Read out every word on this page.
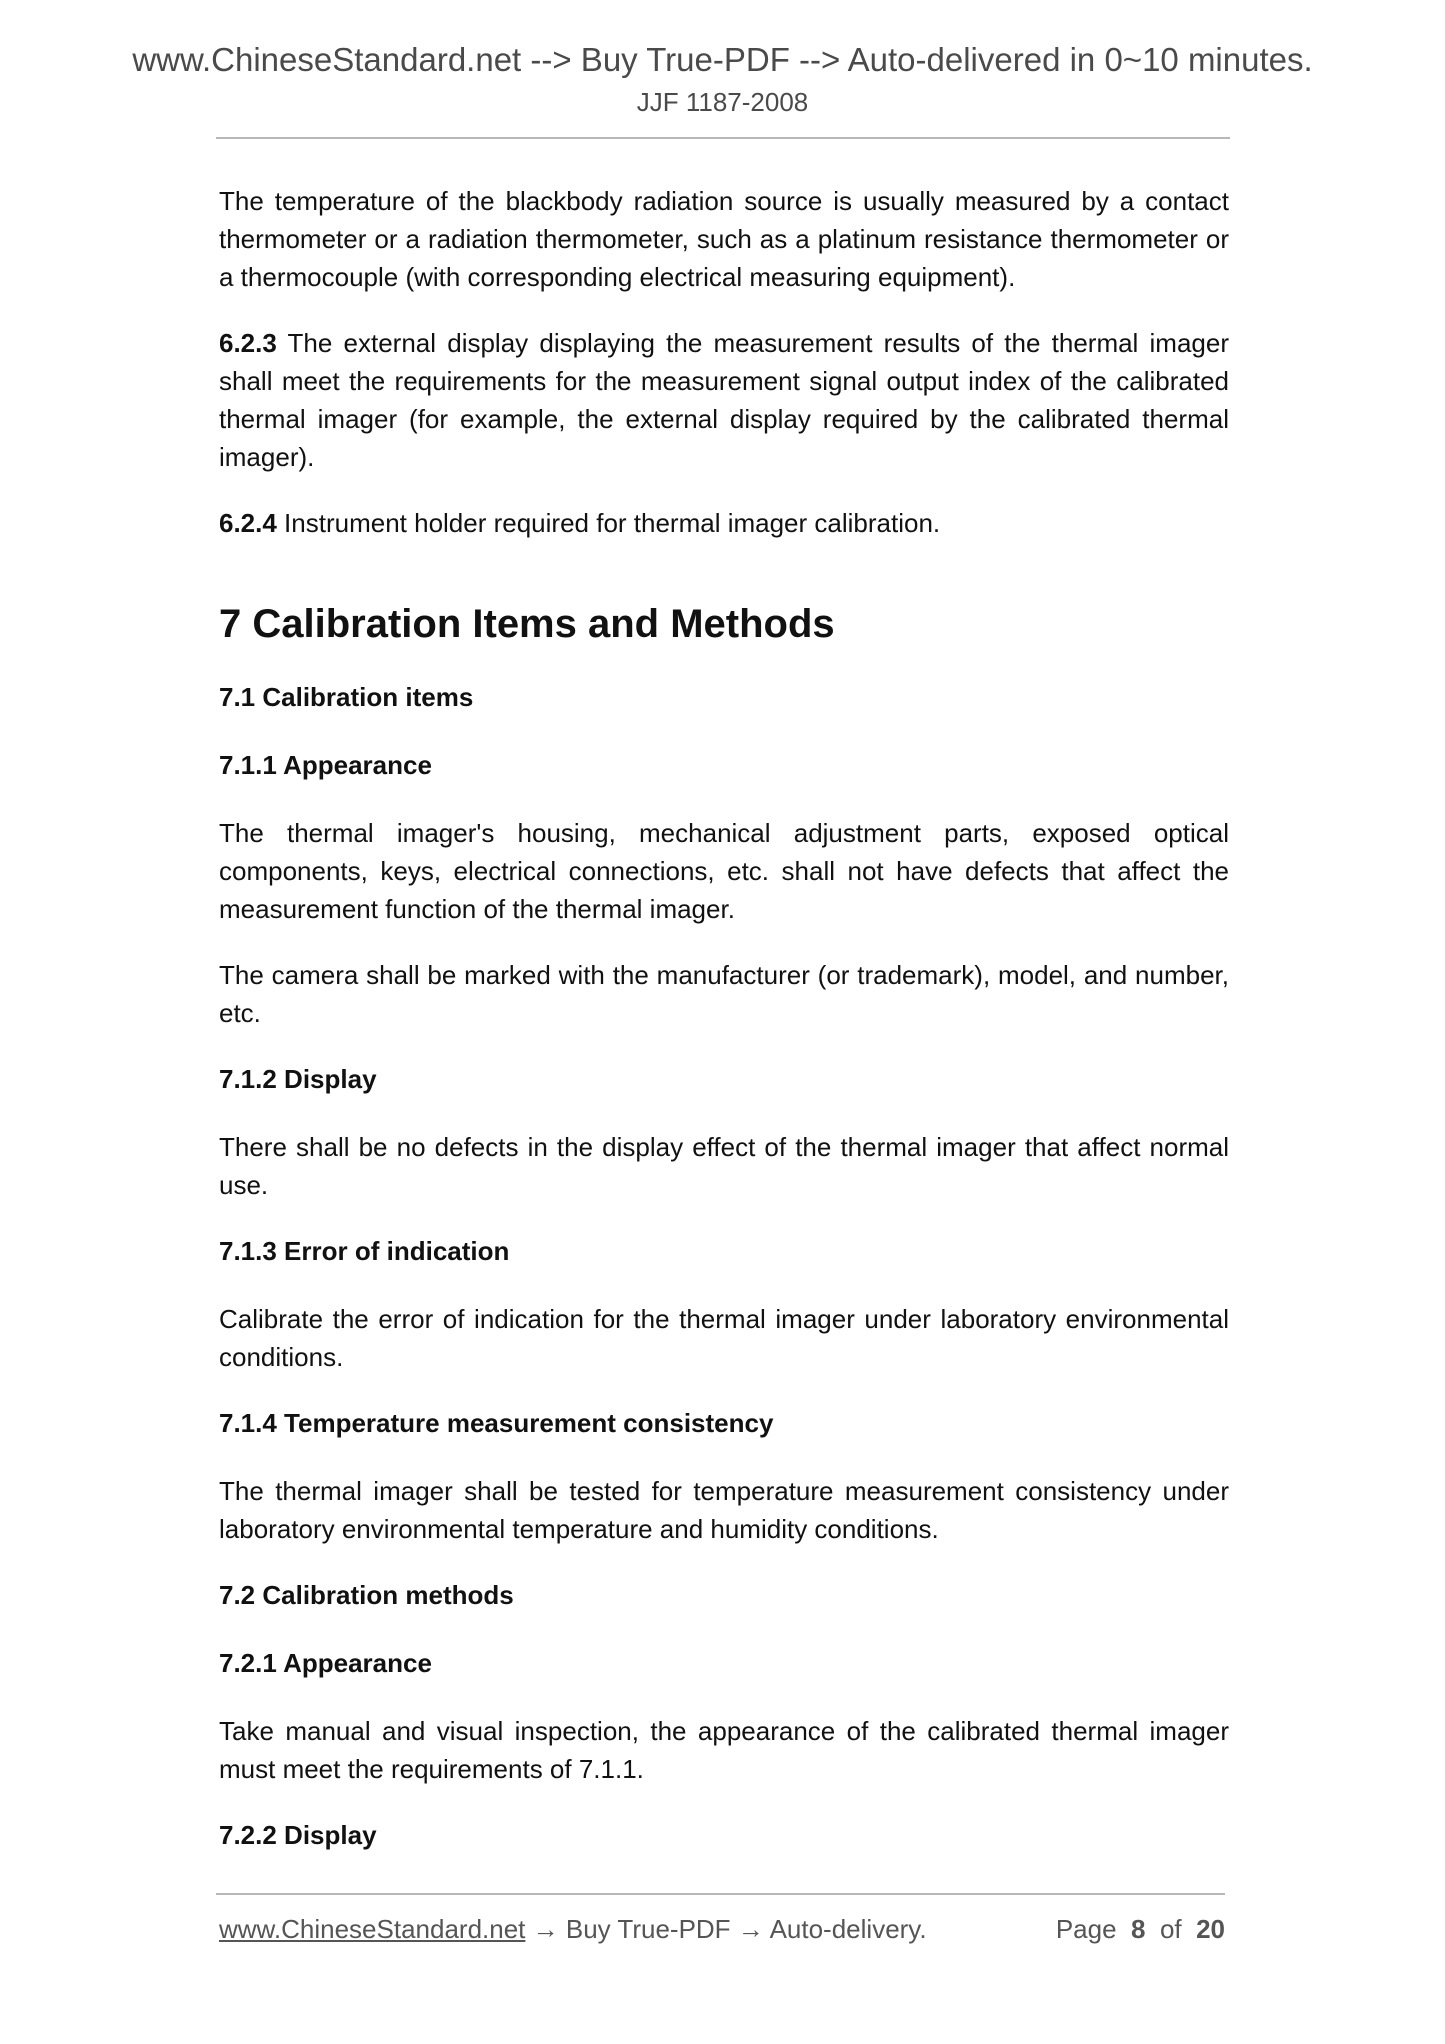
www.ChineseStandard.net --> Buy True-PDF --> Auto-delivered in 0~10 minutes.
JJF 1187-2008

The temperature of the blackbody radiation source is usually measured by a contact thermometer or a radiation thermometer, such as a platinum resistance thermometer or a thermocouple (with corresponding electrical measuring equipment).

6.2.3 The external display displaying the measurement results of the thermal imager shall meet the requirements for the measurement signal output index of the calibrated thermal imager (for example, the external display required by the calibrated thermal imager).

6.2.4 Instrument holder required for thermal imager calibration.

7 Calibration Items and Methods
7.1 Calibration items
7.1.1 Appearance

The thermal imager's housing, mechanical adjustment parts, exposed optical components, keys, electrical connections, etc. shall not have defects that affect the measurement function of the thermal imager.

The camera shall be marked with the manufacturer (or trademark), model, and number, etc.

7.1.2 Display

There shall be no defects in the display effect of the thermal imager that affect normal use.

7.1.3 Error of indication

Calibrate the error of indication for the thermal imager under laboratory environmental conditions.

7.1.4 Temperature measurement consistency

The thermal imager shall be tested for temperature measurement consistency under laboratory environmental temperature and humidity conditions.

7.2 Calibration methods
7.2.1 Appearance

Take manual and visual inspection, the appearance of the calibrated thermal imager must meet the requirements of 7.1.1.

7.2.2 Display
www.ChineseStandard.net → Buy True-PDF → Auto-delivery.	Page 8 of 20
